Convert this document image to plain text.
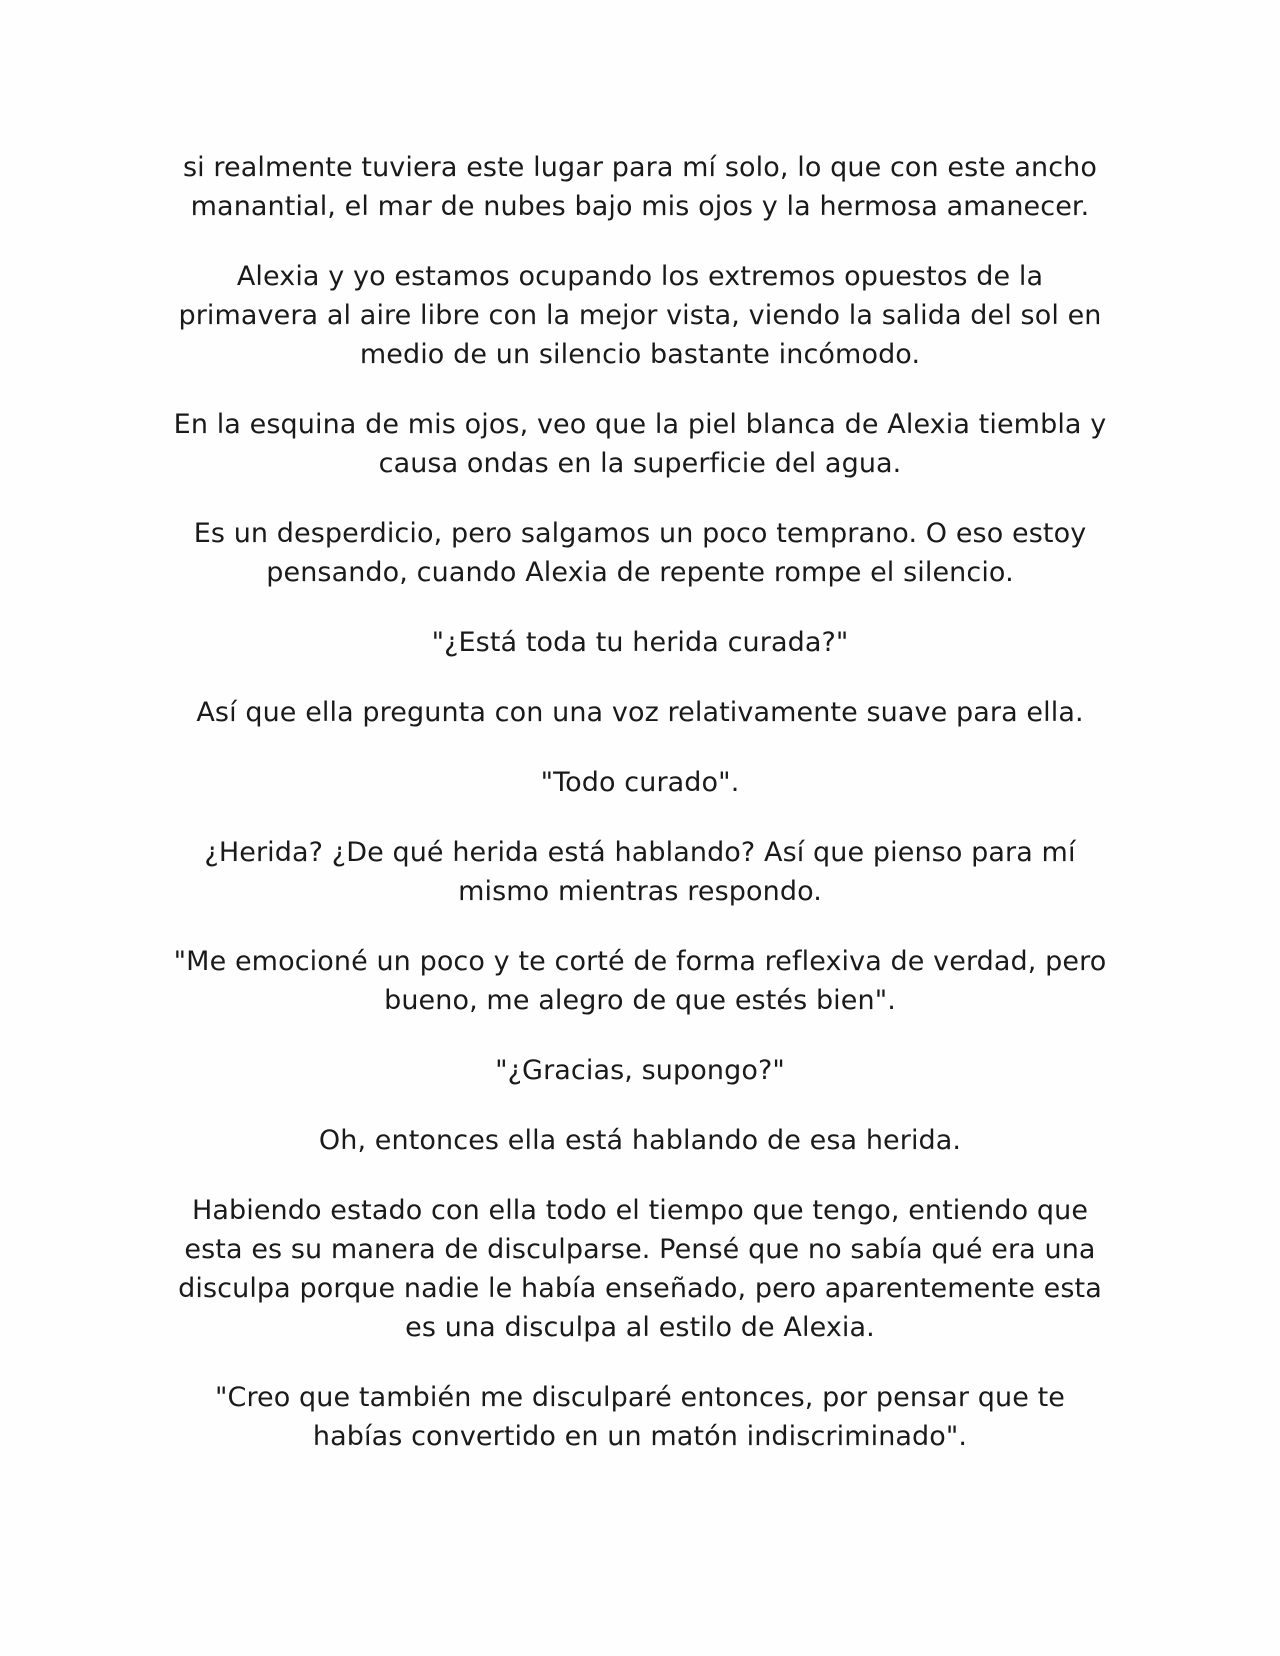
si realmente tuviera este lugar para mí solo, lo que con este ancho manantial, el mar de nubes bajo mis ojos y la hermosa amanecer.

Alexia y yo estamos ocupando los extremos opuestos de la primavera al aire libre con la mejor vista, viendo la salida del sol en medio de un silencio bastante incómodo.

En la esquina de mis ojos, veo que la piel blanca de Alexia tiembla y causa ondas en la superficie del agua.

Es un desperdicio, pero salgamos un poco temprano. O eso estoy pensando, cuando Alexia de repente rompe el silencio.

"¿Está toda tu herida curada?"

Así que ella pregunta con una voz relativamente suave para ella.

"Todo curado".

¿Herida? ¿De qué herida está hablando? Así que pienso para mí mismo mientras respondo.

"Me emocioné un poco y te corté de forma reflexiva de verdad, pero bueno, me alegro de que estés bien".

"¿Gracias, supongo?"

Oh, entonces ella está hablando de esa herida.

Habiendo estado con ella todo el tiempo que tengo, entiendo que esta es su manera de disculparse. Pensé que no sabía qué era una disculpa porque nadie le había enseñado, pero aparentemente esta es una disculpa al estilo de Alexia.

"Creo que también me disculparé entonces, por pensar que te habías convertido en un matón indiscriminado".
